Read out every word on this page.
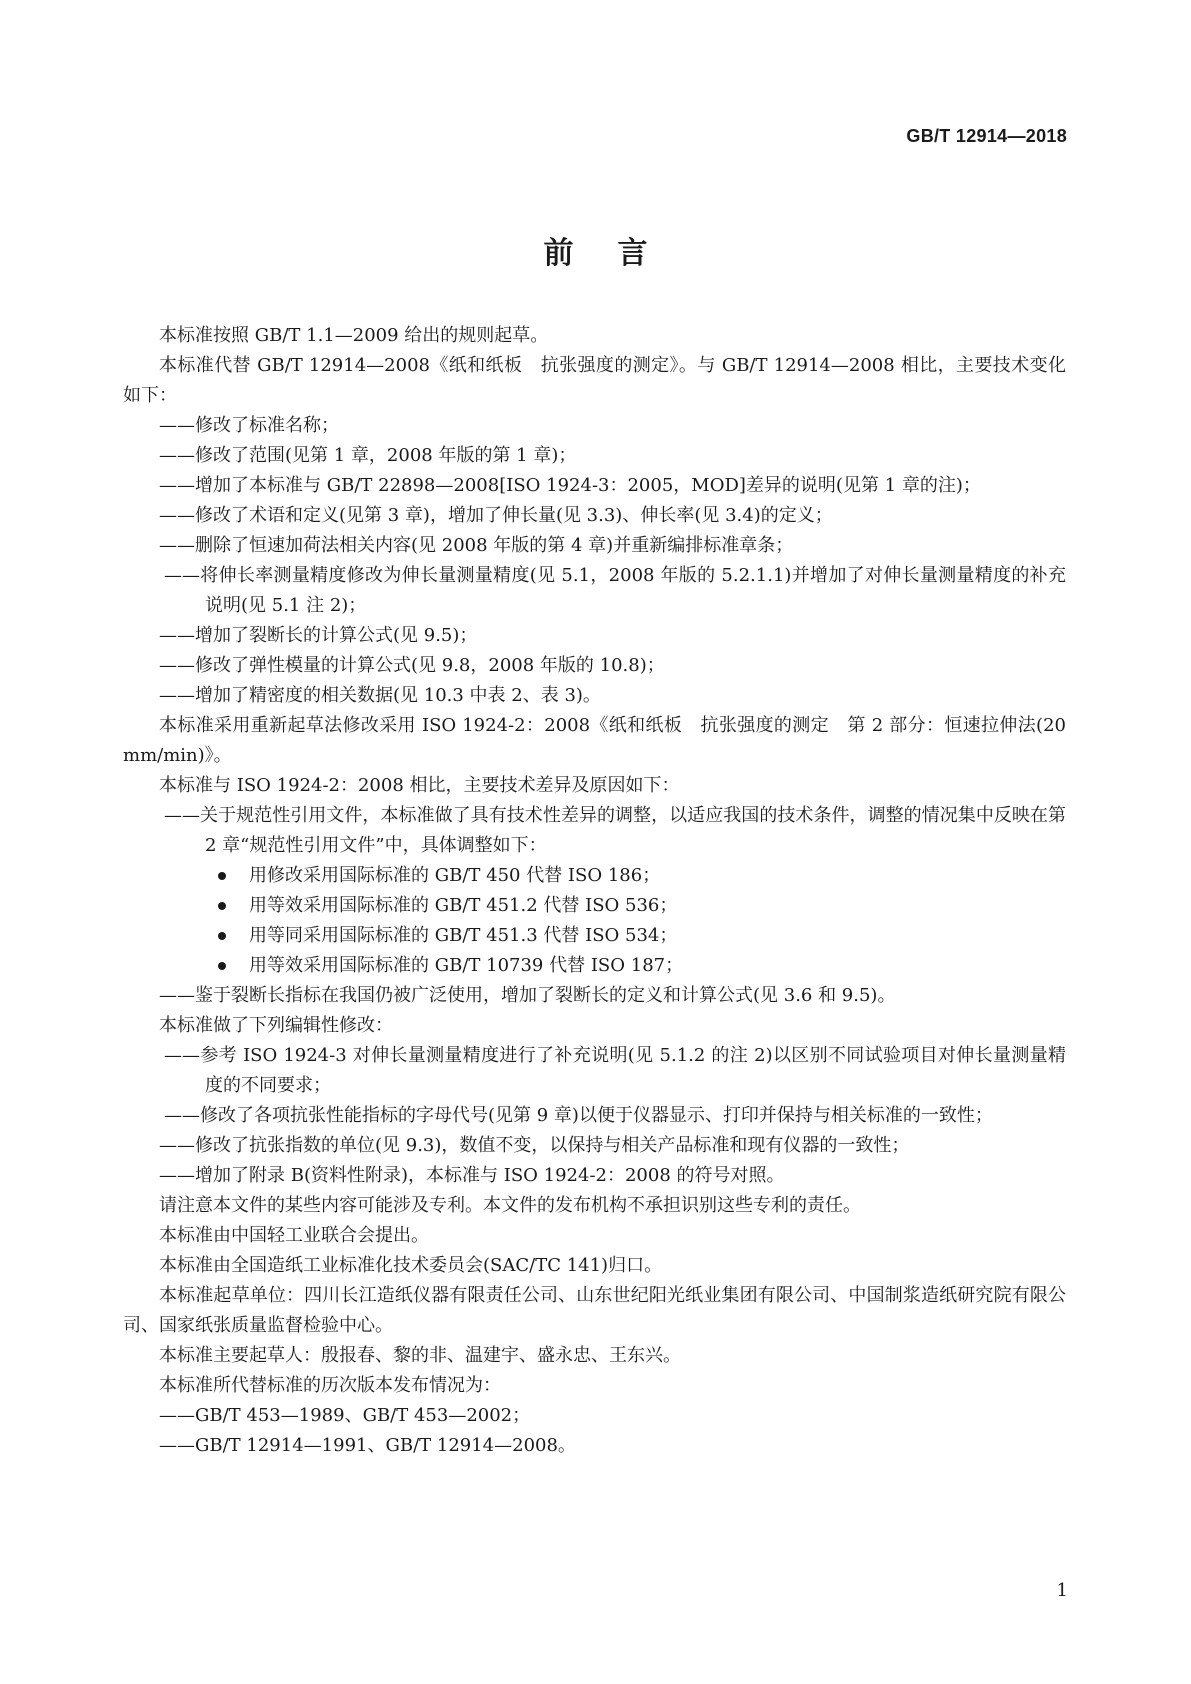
GB/T 12914—2018
前言
本标准按照 GB/T 1.1—2009 给出的规则起草。
本标准代替 GB/T 12914—2008《纸和纸板　抗张强度的测定》。与 GB/T 12914—2008 相比，主要技术变化如下：
——修改了标准名称；
——修改了范围(见第 1 章，2008 年版的第 1 章)；
——增加了本标准与 GB/T 22898—2008[ISO 1924-3：2005，MOD]差异的说明(见第 1 章的注)；
——修改了术语和定义(见第 3 章)，增加了伸长量(见 3.3)、伸长率(见 3.4)的定义；
——删除了恒速加荷法相关内容(见 2008 年版的第 4 章)并重新编排标准章条；
——将伸长率测量精度修改为伸长量测量精度(见 5.1，2008 年版的 5.2.1.1)并增加了对伸长量测量精度的补充说明(见 5.1 注 2)；
——增加了裂断长的计算公式(见 9.5)；
——修改了弹性模量的计算公式(见 9.8，2008 年版的 10.8)；
——增加了精密度的相关数据(见 10.3 中表 2、表 3)。
本标准采用重新起草法修改采用 ISO 1924-2：2008《纸和纸板　抗张强度的测定　第 2 部分：恒速拉伸法(20 mm/min)》。
本标准与 ISO 1924-2：2008 相比，主要技术差异及原因如下：
——关于规范性引用文件，本标准做了具有技术性差异的调整，以适应我国的技术条件，调整的情况集中反映在第 2 章“规范性引用文件”中，具体调整如下：
用修改采用国际标准的 GB/T 450 代替 ISO 186；
用等效采用国际标准的 GB/T 451.2 代替 ISO 536；
用等同采用国际标准的 GB/T 451.3 代替 ISO 534；
用等效采用国际标准的 GB/T 10739 代替 ISO 187；
——鉴于裂断长指标在我国仍被广泛使用，增加了裂断长的定义和计算公式(见 3.6 和 9.5)。
本标准做了下列编辑性修改：
——参考 ISO 1924-3 对伸长量测量精度进行了补充说明(见 5.1.2 的注 2)以区别不同试验项目对伸长量测量精度的不同要求；
——修改了各项抗张性能指标的字母代号(见第 9 章)以便于仪器显示、打印并保持与相关标准的一致性；
——修改了抗张指数的单位(见 9.3)，数值不变，以保持与相关产品标准和现有仪器的一致性；
——增加了附录 B(资料性附录)，本标准与 ISO 1924-2：2008 的符号对照。
请注意本文件的某些内容可能涉及专利。本文件的发布机构不承担识别这些专利的责任。
本标准由中国轻工业联合会提出。
本标准由全国造纸工业标准化技术委员会(SAC/TC 141)归口。
本标准起草单位：四川长江造纸仪器有限责任公司、山东世纪阳光纸业集团有限公司、中国制浆造纸研究院有限公司、国家纸张质量监督检验中心。
本标准主要起草人：殷报春、黎的非、温建宇、盛永忠、王东兴。
本标准所代替标准的历次版本发布情况为：
——GB/T 453—1989、GB/T 453—2002；
——GB/T 12914—1991、GB/T 12914—2008。
1
